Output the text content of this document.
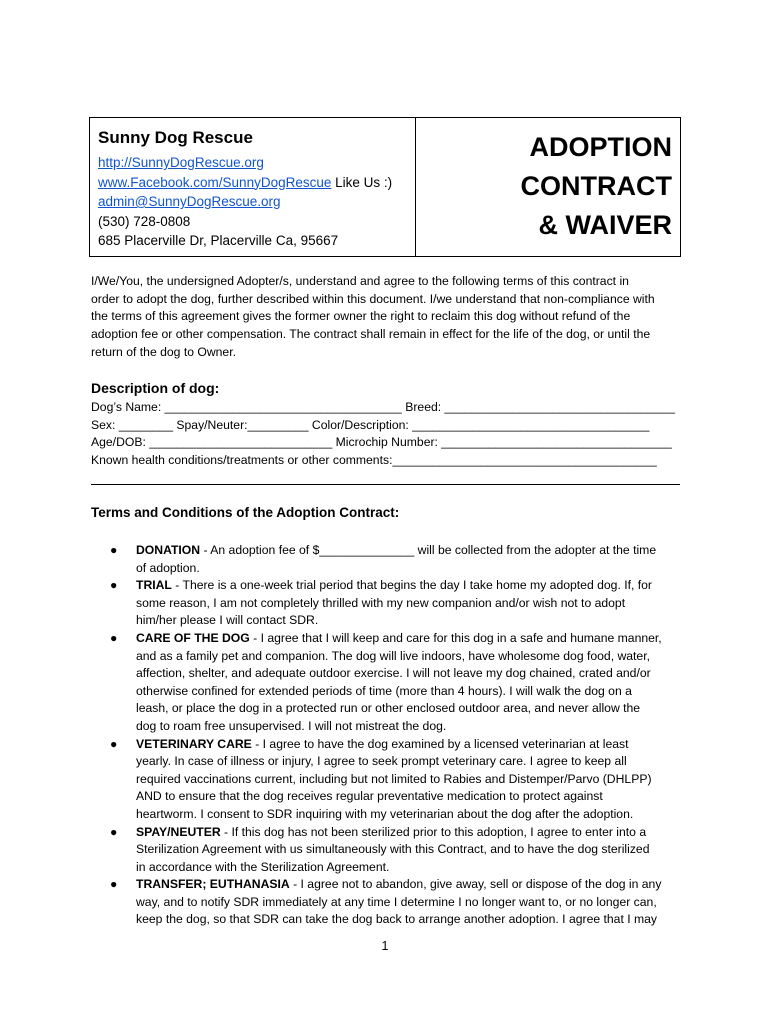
Sunny Dog Rescue
http://SunnyDogRescue.org
www.Facebook.com/SunnyDogRescue Like Us :)
admin@SunnyDogRescue.org
(530) 728-0808
685 Placerville Dr, Placerville Ca, 95667
ADOPTION
CONTRACT
& WAIVER

I/We/You, the undersigned Adopter/s, understand and agree to the following terms of this contract in

order to adopt the dog, further described within this document. I/we understand that non-compliance with

the terms of this agreement gives the former owner the right to reclaim this dog without refund of the

adoption fee or other compensation. The contract shall remain in effect for the life of the dog, or until the

return of the dog to Owner.

Description of dog:
Dog’s Name: ___________________________________ Breed: __________________________________
Sex: ________ Spay/Neuter:_________ Color/Description: ___________________________________
Age/DOB: ___________________________ Microchip Number: __________________________________
Known health conditions/treatments or other comments:_______________________________________
Terms and Conditions of the Adoption Contract:
● DONATION - An adoption fee of $______________ will be collected from the adopter at the time
of adoption.
● TRIAL - There is a one-week trial period that begins the day I take home my adopted dog. If, for
some reason, I am not completely thrilled with my new companion and/or wish not to adopt
him/her please I will contact SDR.
● CARE OF THE DOG - I agree that I will keep and care for this dog in a safe and humane manner,
and as a family pet and companion. The dog will live indoors, have wholesome dog food, water,
affection, shelter, and adequate outdoor exercise. I will not leave my dog chained, crated and/or
otherwise confined for extended periods of time (more than 4 hours). I will walk the dog on a
leash, or place the dog in a protected run or other enclosed outdoor area, and never allow the
dog to roam free unsupervised. I will not mistreat the dog.
● VETERINARY CARE - I agree to have the dog examined by a licensed veterinarian at least
yearly. In case of illness or injury, I agree to seek prompt veterinary care. I agree to keep all
required vaccinations current, including but not limited to Rabies and Distemper/Parvo (DHLPP)
AND to ensure that the dog receives regular preventative medication to protect against
heartworm. I consent to SDR inquiring with my veterinarian about the dog after the adoption.
● SPAY/NEUTER - If this dog has not been sterilized prior to this adoption, I agree to enter into a
Sterilization Agreement with us simultaneously with this Contract, and to have the dog sterilized
in accordance with the Sterilization Agreement.
● TRANSFER; EUTHANASIA - I agree not to abandon, give away, sell or dispose of the dog in any
way, and to notify SDR immediately at any time I determine I no longer want to, or no longer can,
keep the dog, so that SDR can take the dog back to arrange another adoption. I agree that I may
1
